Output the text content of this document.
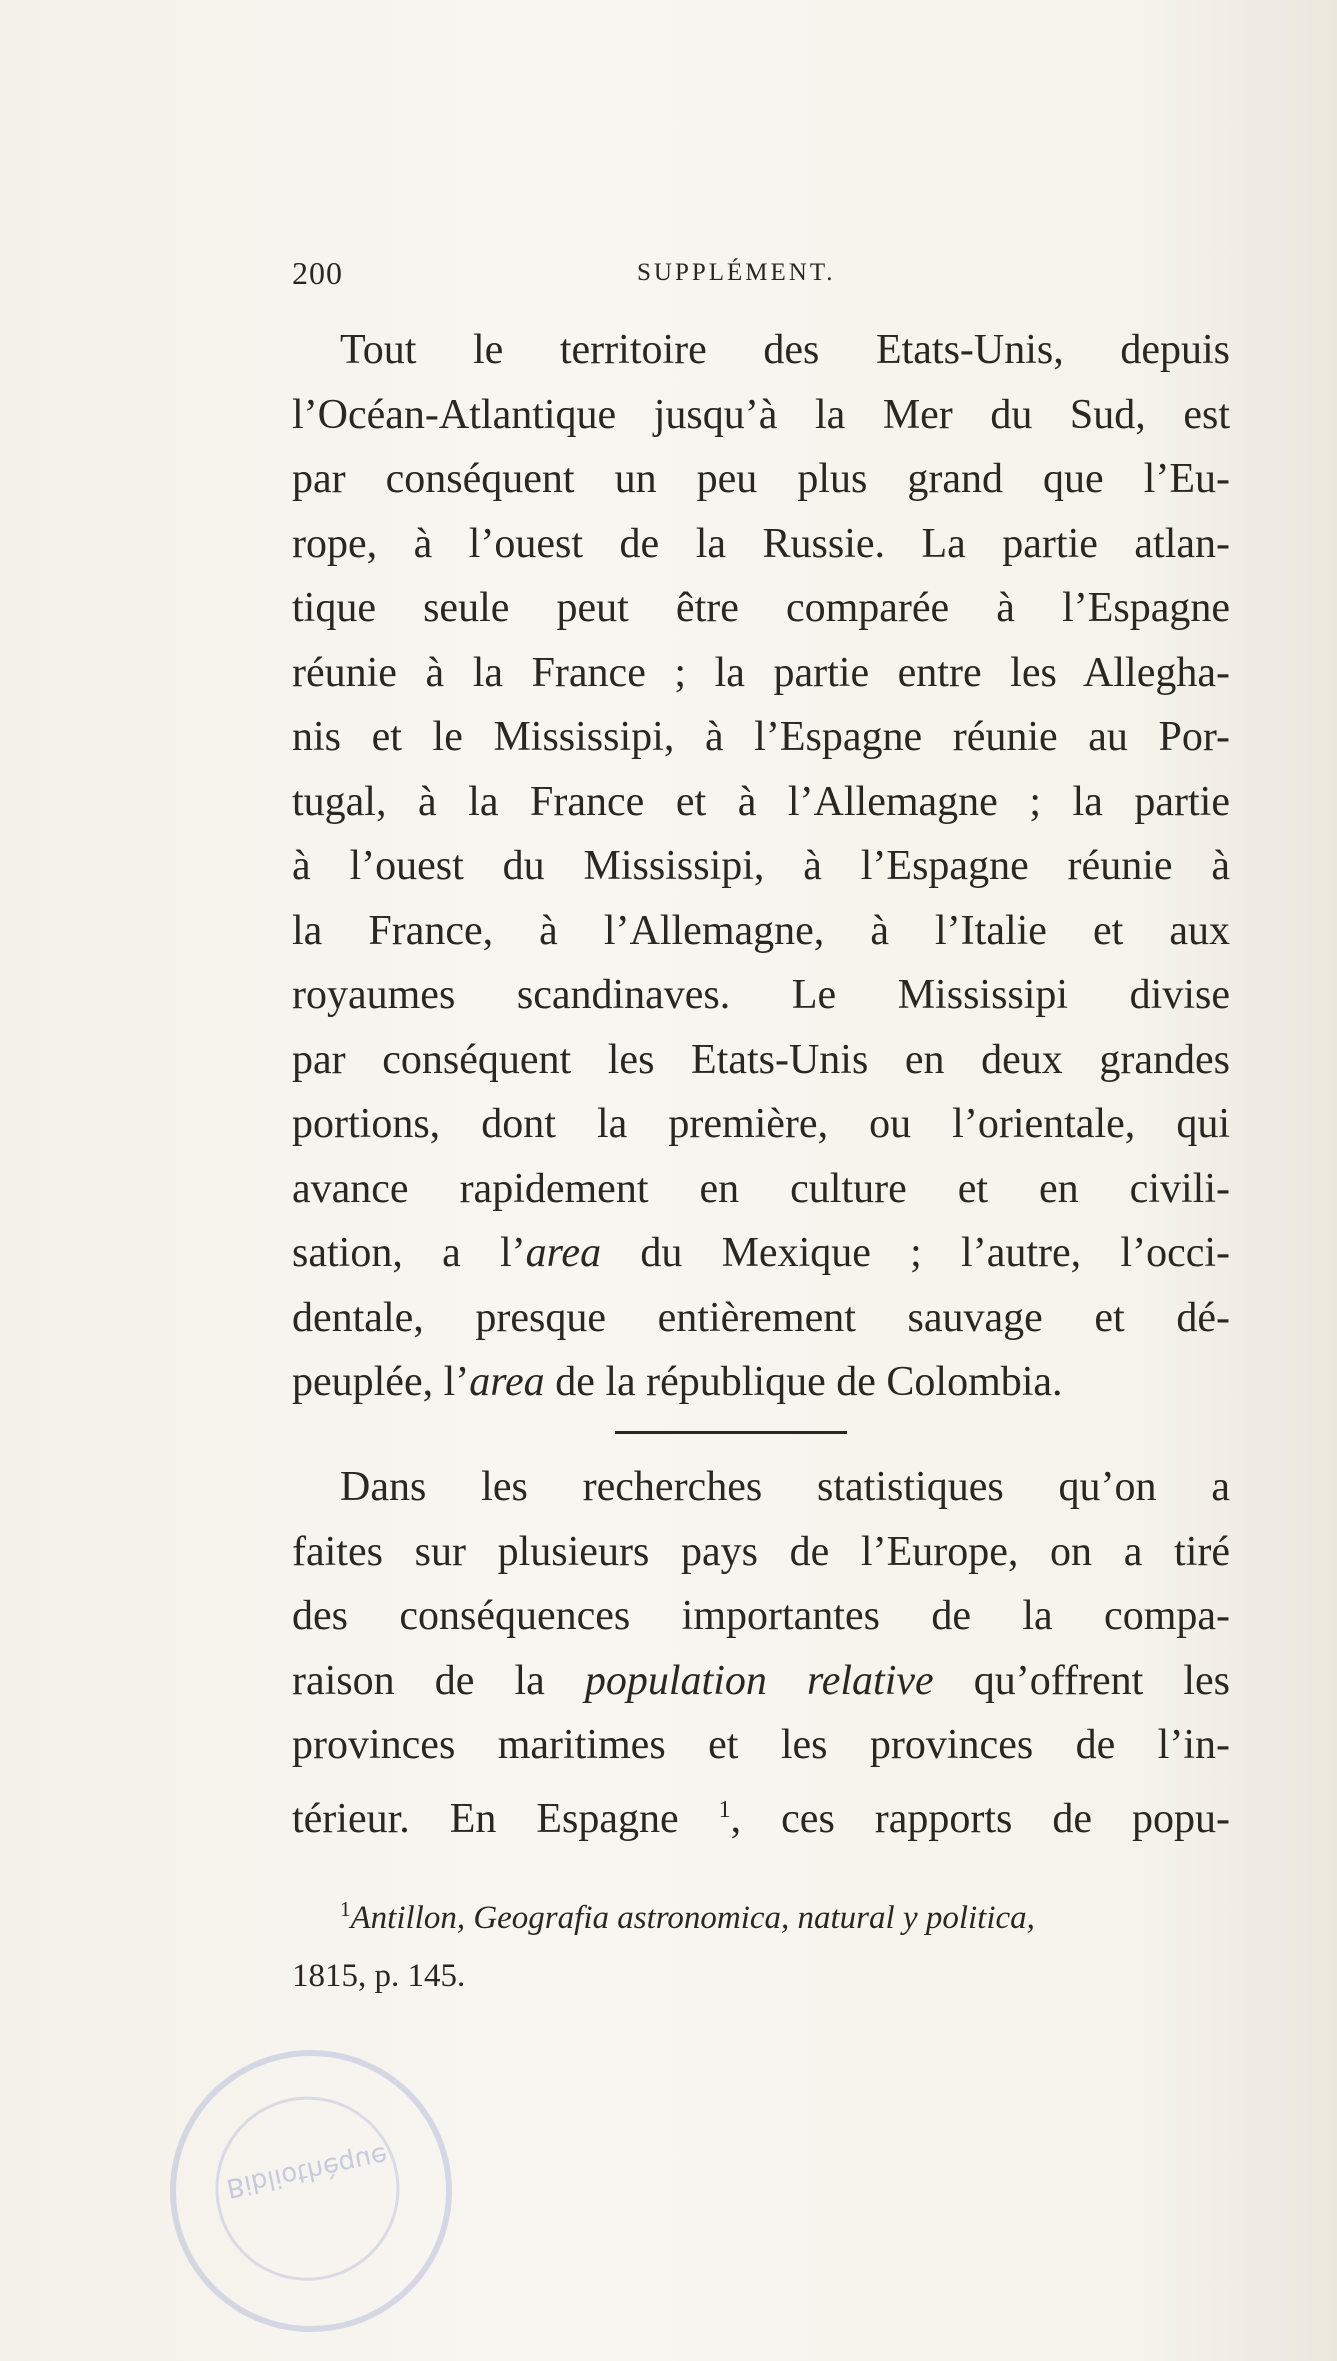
200	SUPPLÉMENT.
Tout le territoire des Etats-Unis, depuis
l’Océan-Atlantique jusqu’à la Mer du Sud, est
par conséquent un peu plus grand que l’Eu-
rope, à l’ouest de la Russie. La partie atlan-
tique seule peut être comparée à l’Espagne
réunie à la France ; la partie entre les Allegha-
nis et le Mississipi, à l’Espagne réunie au Por-
tugal, à la France et à l’Allemagne ; la partie
à l’ouest du Mississipi, à l’Espagne réunie à
la France, à l’Allemagne, à l’Italie et aux
royaumes scandinaves. Le Mississipi divise
par conséquent les Etats-Unis en deux grandes
portions, dont la première, ou l’orientale, qui
avance rapidement en culture et en civili-
sation, a l’area du Mexique ; l’autre, l’occi-
dentale, presque entièrement sauvage et dé-
peuplée, l’area de la république de Colombia.
Dans les recherches statistiques qu’on a
faites sur plusieurs pays de l’Europe, on a tiré
des conséquences importantes de la compa-
raison de la population relative qu’offrent les
provinces maritimes et les provinces de l’in-
térieur. En Espagne $^1$, ces rapports de popu-
$^1$Antillon, Geografia astronomica, natural y politica,
1815, p. 145.
Bibliothèque
